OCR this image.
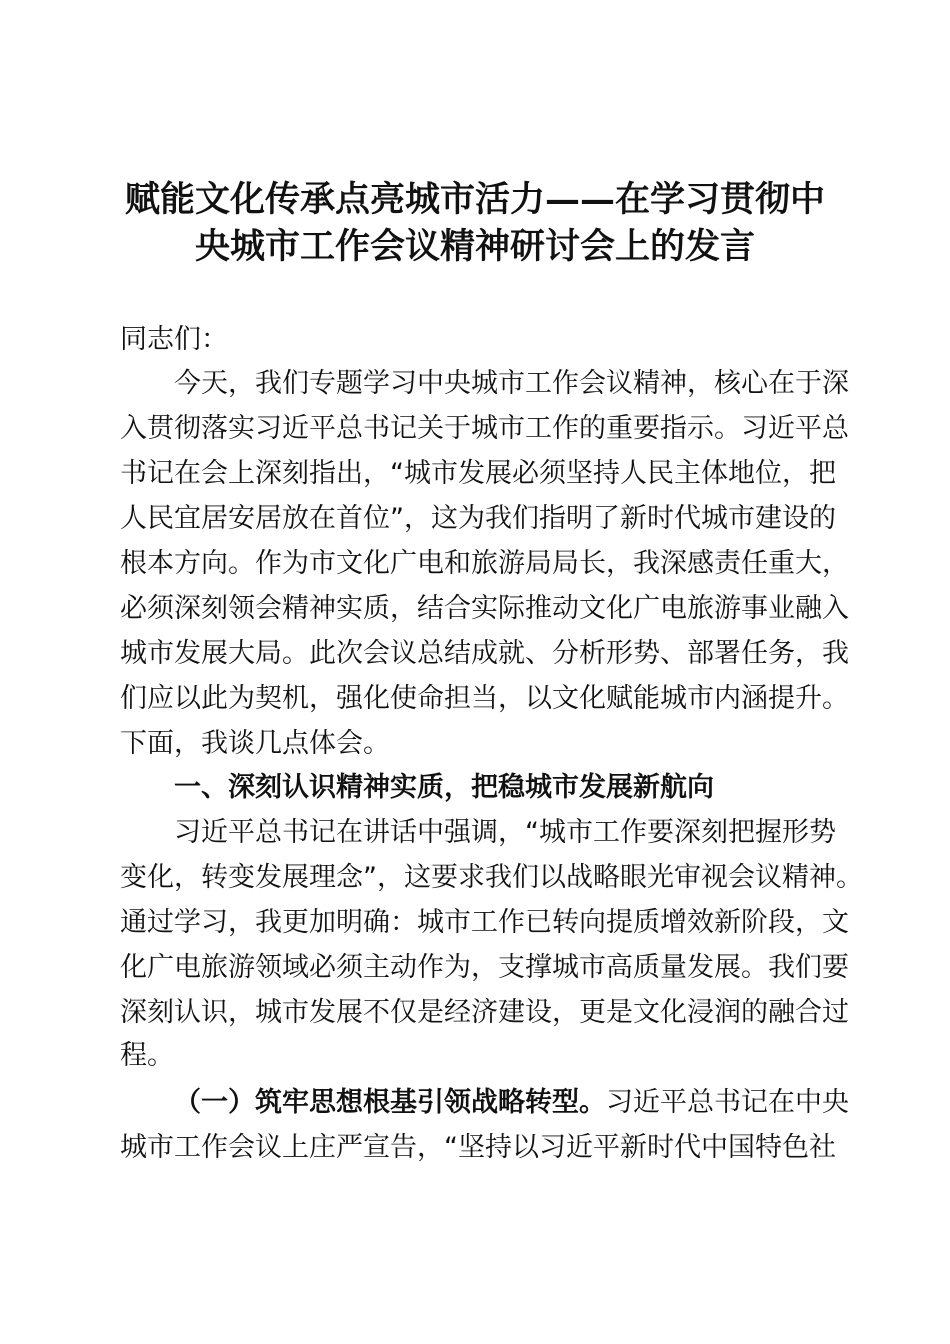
赋能文化传承点亮城市活力——在学习贯彻中
央城市工作会议精神研讨会上的发言
同志们：
今天，我们专题学习中央城市工作会议精神，核心在于深
入贯彻落实习近平总书记关于城市工作的重要指示。习近平总
书记在会上深刻指出，“城市发展必须坚持人民主体地位，把
人民宜居安居放在首位”，这为我们指明了新时代城市建设的
根本方向。作为市文化广电和旅游局局长，我深感责任重大，
必须深刻领会精神实质，结合实际推动文化广电旅游事业融入
城市发展大局。此次会议总结成就、分析形势、部署任务，我
们应以此为契机，强化使命担当，以文化赋能城市内涵提升。
下面，我谈几点体会。
一、深刻认识精神实质，把稳城市发展新航向
习近平总书记在讲话中强调，“城市工作要深刻把握形势
变化，转变发展理念”，这要求我们以战略眼光审视会议精神。
通过学习，我更加明确：城市工作已转向提质增效新阶段，文
化广电旅游领域必须主动作为，支撑城市高质量发展。我们要
深刻认识，城市发展不仅是经济建设，更是文化浸润的融合过
程。
（一）筑牢思想根基引领战略转型。 习近平总书记在中央
城市工作会议上庄严宣告，“坚持以习近平新时代中国特色社
